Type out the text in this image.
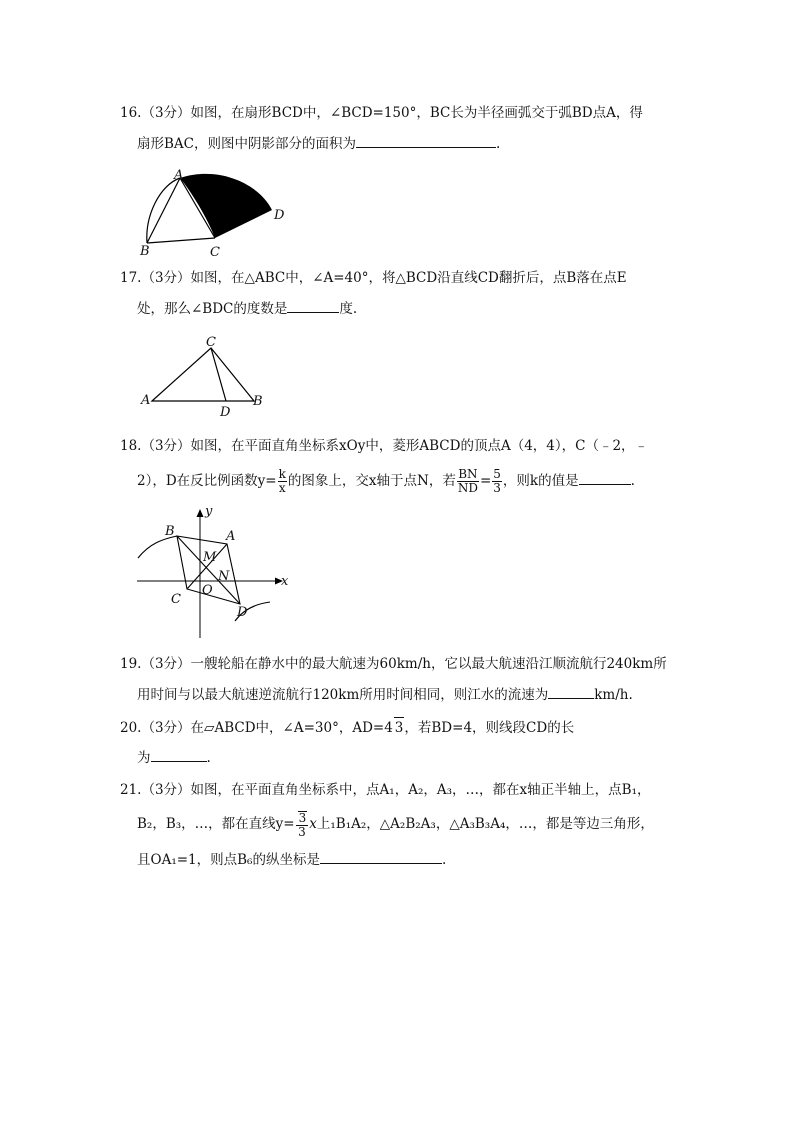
16.（3分）如图，在扇形BCD中，∠BCD=150°，BC长为半径画弧交于弧BD点A，得
扇形BAC，则图中阴影部分的面积为	.
A
B	C
D
17.（3分）如图，在△ABC中，∠A=40°，将△BCD沿直线CD翻折后，点B落在点E
处，那么∠BDC的度数是	度.
C
A	B
D
18.（3分）如图，在平面直角坐标系xOy中，菱形ABCD的顶点A（4，4），C（﹣2，﹣
2），D在反比例函数$y= \frac{k}{x}$ 的图象上，交x轴于点N，若 $\frac{BN}{ND} = \frac{5}{3}$ ，则k的值是	.
B	A
M
N
O
C
D
x
y
19.（3分）一艘轮船在静水中的最大航速为60km/h，它以最大航速沿江顺流航行240km所
用时间与以最大航速逆流航行120km所用时间相同，则江水的流速为	km/h.
20.（3分）在▱ABCD中，∠A=30°，AD=4 3，若BD=4，则线段CD的长
为	.
21.（3分）如图，在平面直角坐标系中，点A₁，A₂，A₃，…，都在x轴正半轴上，点B₁，
B₂，B₃，…，都在直线$y= \frac{3}{3}$ x上₁B₁A₂，△A₂B₂A₃，△A₃B₃A₄，…，都是等边三角形，
且OA₁=1，则点B₆的纵坐标是	.
